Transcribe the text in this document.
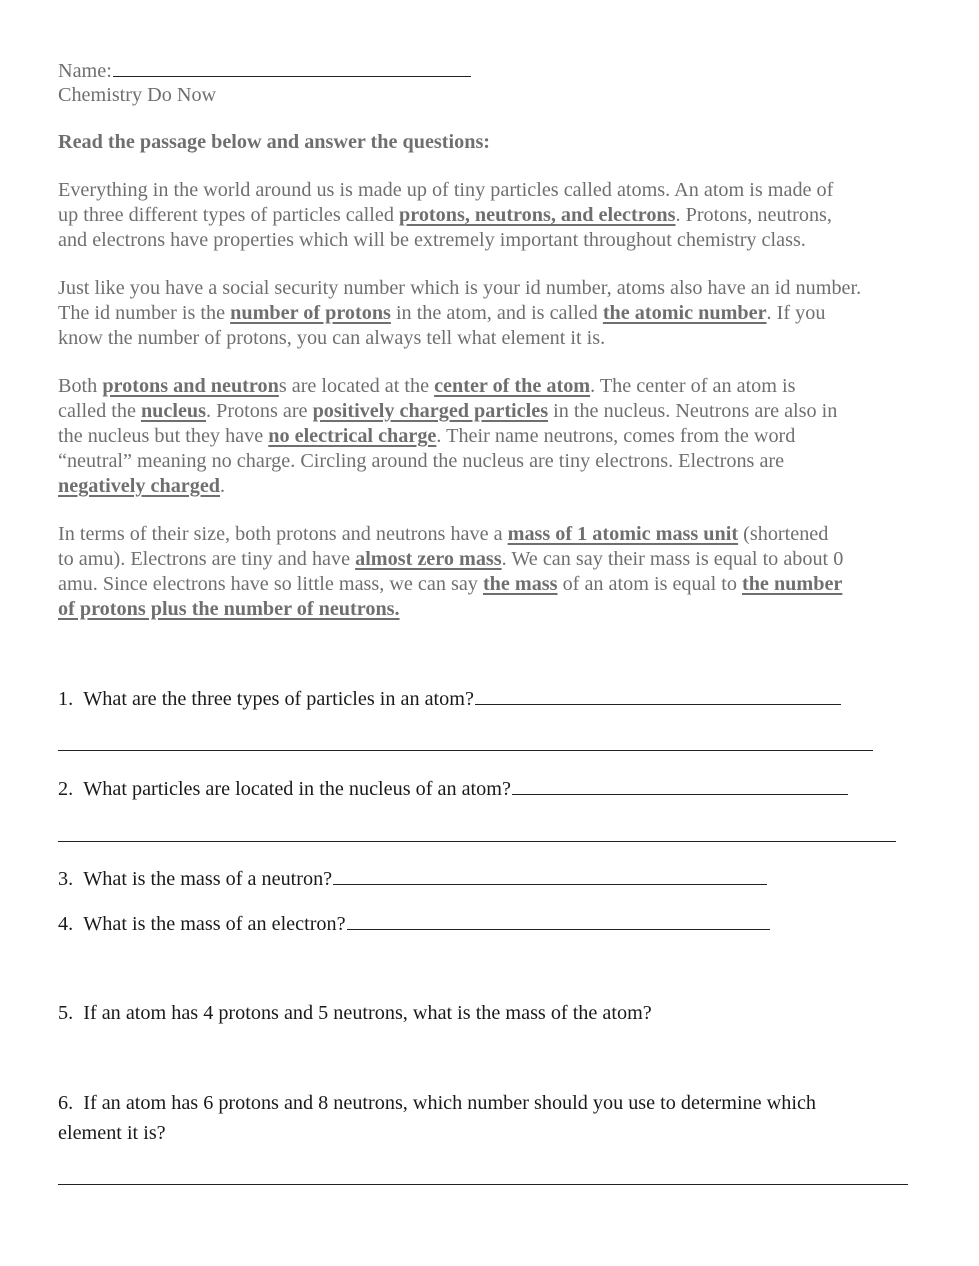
Name:
Chemistry Do Now
Read the passage below and answer the questions:
Everything in the world around us is made up of tiny particles called atoms. An atom is made of
up three different types of particles called protons, neutrons, and electrons. Protons, neutrons,
and electrons have properties which will be extremely important throughout chemistry class.
Just like you have a social security number which is your id number, atoms also have an id number.
The id number is the number of protons in the atom, and is called the atomic number. If you
know the number of protons, you can always tell what element it is.
Both protons and neutrons are located at the center of the atom. The center of an atom is
called the nucleus. Protons are positively charged particles in the nucleus. Neutrons are also in
the nucleus but they have no electrical charge. Their name neutrons, comes from the word
“neutral” meaning no charge. Circling around the nucleus are tiny electrons. Electrons are
negatively charged.
In terms of their size, both protons and neutrons have a mass of 1 atomic mass unit (shortened
to amu). Electrons are tiny and have almost zero mass. We can say their mass is equal to about 0
amu. Since electrons have so little mass, we can say the mass of an atom is equal to the number
of protons plus the number of neutrons.
1. What are the three types of particles in an atom?
2. What particles are located in the nucleus of an atom?
3. What is the mass of a neutron?
4. What is the mass of an electron?
5. If an atom has 4 protons and 5 neutrons, what is the mass of the atom?
6. If an atom has 6 protons and 8 neutrons, which number should you use to determine which
element it is?
